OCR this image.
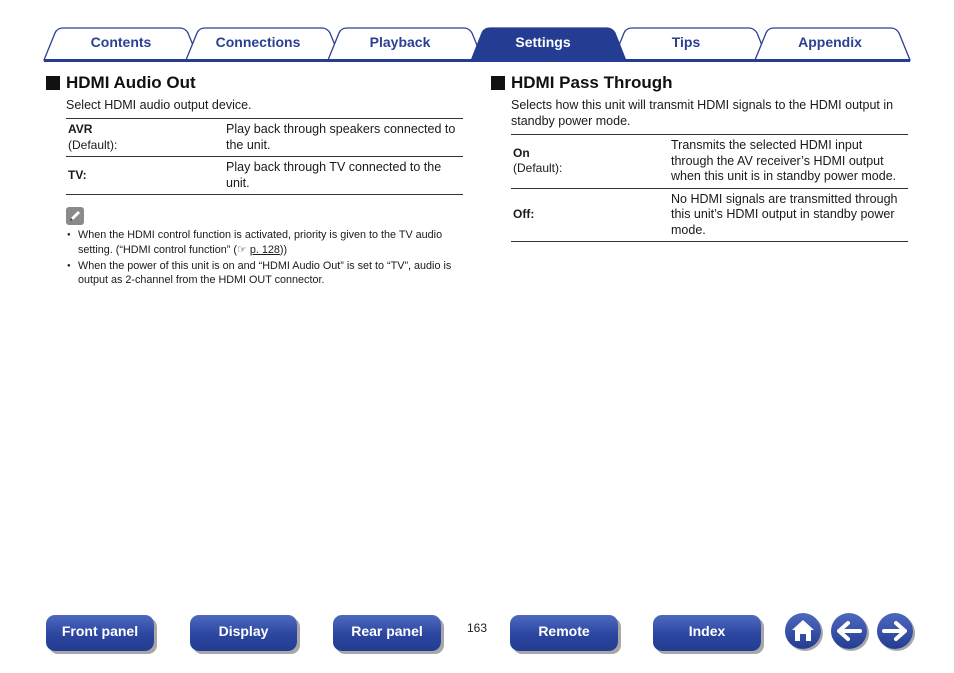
Contents	Connections	Playback	Settings	Tips	Appendix
HDMI Audio Out
Select HDMI audio output device.
AVR
(Default):	Play back through speakers connected to the unit.

TV:	Play back through TV connected to the unit.
● When the HDMI control function is activated, priority is given to the TV audio setting. (“HDMI control function” (☞ p. 128))
● When the power of this unit is on and “HDMI Audio Out” is set to “TV”, audio is output as 2-channel from the HDMI OUT connector.
HDMI Pass Through
Selects how this unit will transmit HDMI signals to the HDMI output in standby power mode.
On
(Default):	Transmits the selected HDMI input through the AV receiver’s HDMI output when this unit is in standby power mode.

Off:	No HDMI signals are transmitted through this unit’s HDMI output in standby power mode.
Front panel	Display	Rear panel	163	Remote	Index
